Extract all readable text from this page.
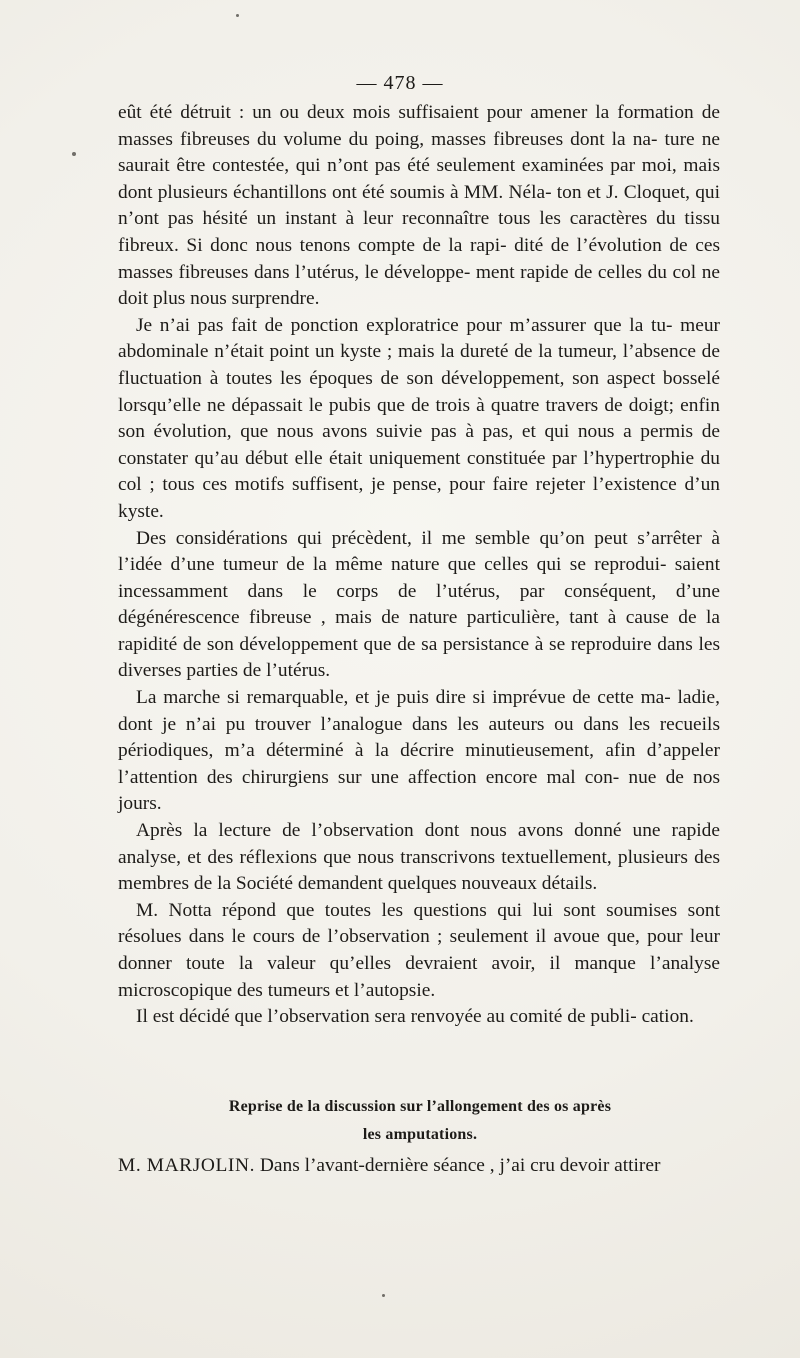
— 478 —

eût été détruit : un ou deux mois suffisaient pour amener la formation de masses fibreuses du volume du poing, masses fibreuses dont la na- ture ne saurait être contestée, qui n’ont pas été seulement examinées par moi, mais dont plusieurs échantillons ont été soumis à MM. Néla- ton et J. Cloquet, qui n’ont pas hésité un instant à leur reconnaître tous les caractères du tissu fibreux. Si donc nous tenons compte de la rapi- dité de l’évolution de ces masses fibreuses dans l’utérus, le développe- ment rapide de celles du col ne doit plus nous surprendre.

Je n’ai pas fait de ponction exploratrice pour m’assurer que la tu- meur abdominale n’était point un kyste ; mais la dureté de la tumeur, l’absence de fluctuation à toutes les époques de son développement, son aspect bosselé lorsqu’elle ne dépassait le pubis que de trois à quatre travers de doigt; enfin son évolution, que nous avons suivie pas à pas, et qui nous a permis de constater qu’au début elle était uniquement constituée par l’hypertrophie du col ; tous ces motifs suffisent, je pense, pour faire rejeter l’existence d’un kyste.

Des considérations qui précèdent, il me semble qu’on peut s’arrêter à l’idée d’une tumeur de la même nature que celles qui se reprodui- saient incessamment dans le corps de l’utérus, par conséquent, d’une dégénérescence fibreuse , mais de nature particulière, tant à cause de la rapidité de son développement que de sa persistance à se reproduire dans les diverses parties de l’utérus.

La marche si remarquable, et je puis dire si imprévue de cette ma- ladie, dont je n’ai pu trouver l’analogue dans les auteurs ou dans les recueils périodiques, m’a déterminé à la décrire minutieusement, afin d’appeler l’attention des chirurgiens sur une affection encore mal con- nue de nos jours.

Après la lecture de l’observation dont nous avons donné une rapide analyse, et des réflexions que nous transcrivons textuellement, plusieurs des membres de la Société demandent quelques nouveaux détails.

M. Notta répond que toutes les questions qui lui sont soumises sont résolues dans le cours de l’observation ; seulement il avoue que, pour leur donner toute la valeur qu’elles devraient avoir, il manque l’analyse microscopique des tumeurs et l’autopsie.

Il est décidé que l’observation sera renvoyée au comité de publi- cation.

Reprise de la discussion sur l’allongement des os après
les amputations.
M. MARJOLIN. Dans l’avant-dernière séance , j’ai cru devoir attirer
